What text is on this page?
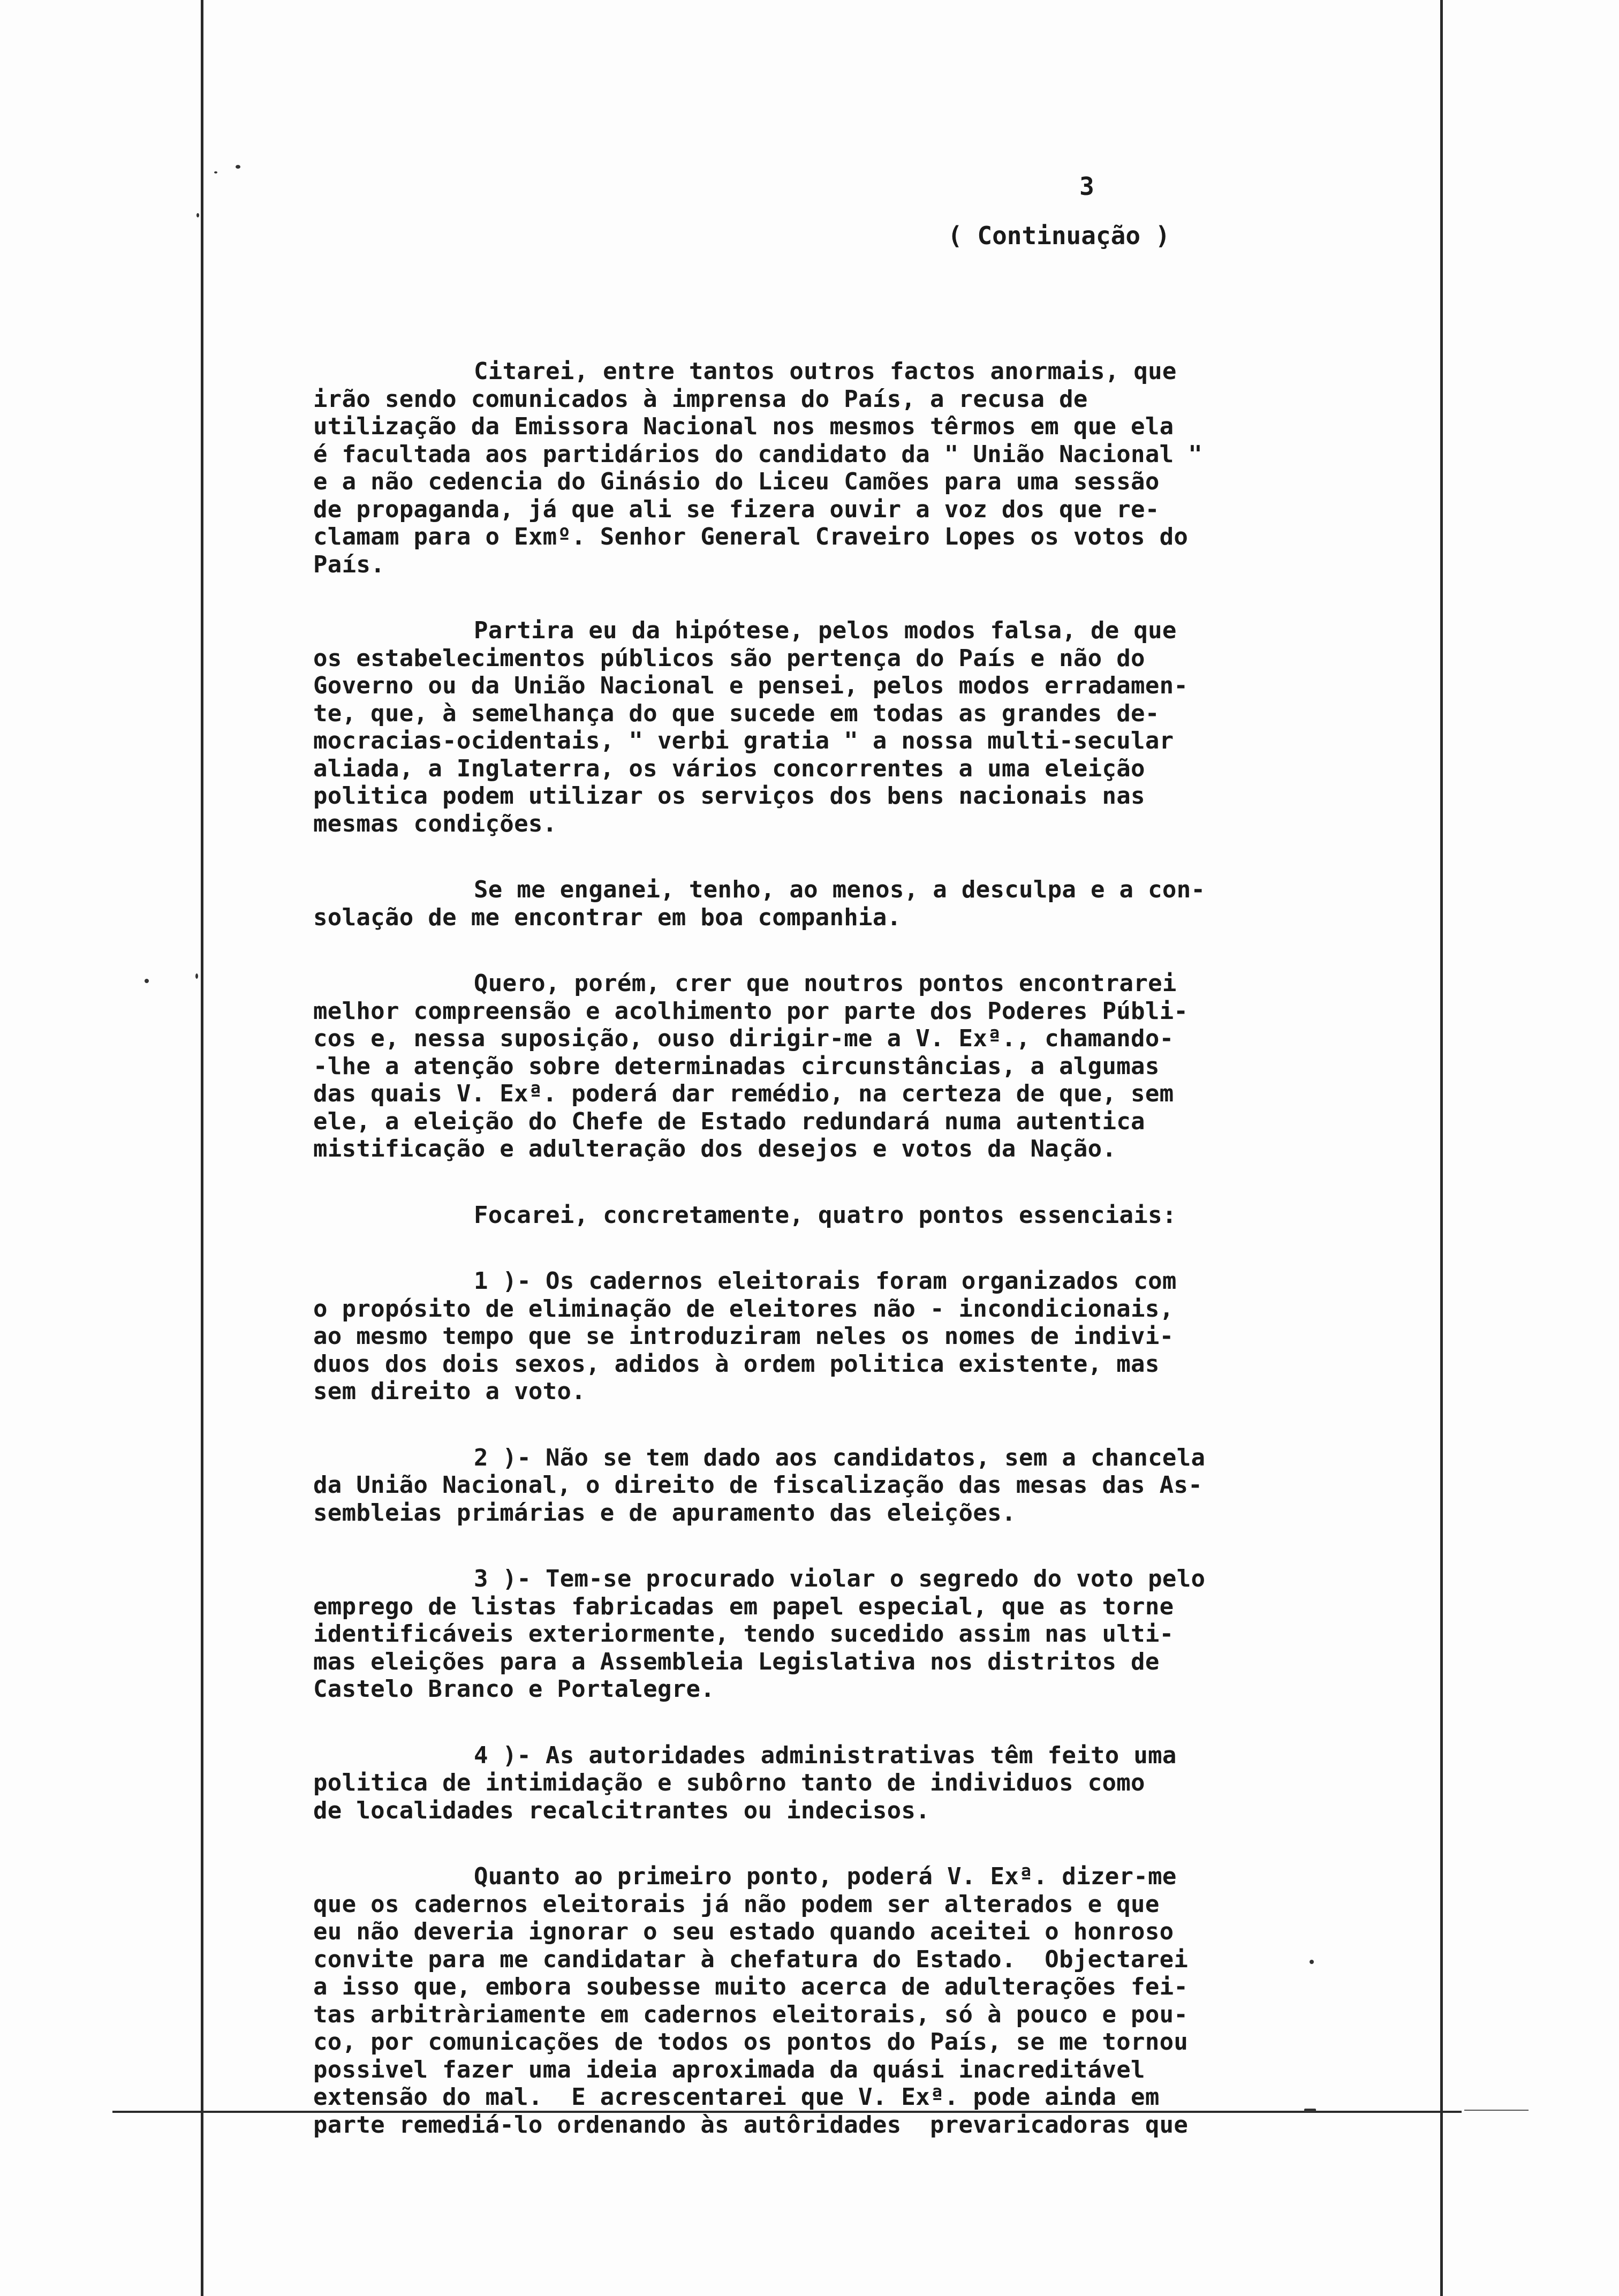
3
( Continuação )
Citarei, entre tantos outros factos anormais, que
irão sendo comunicados à imprensa do País, a recusa de
utilização da Emissora Nacional nos mesmos têrmos em que ela
é facultada aos partidários do candidato da " União Nacional "
e a não cedencia do Ginásio do Liceu Camões para uma sessão
de propaganda, já que ali se fizera ouvir a voz dos que re-
clamam para o Exmº. Senhor General Craveiro Lopes os votos do
País.
Partira eu da hipótese, pelos modos falsa, de que
os estabelecimentos públicos são pertença do País e não do
Governo ou da União Nacional e pensei, pelos modos erradamen-
te, que, à semelhança do que sucede em todas as grandes de-
mocracias-ocidentais, " verbi gratia " a nossa multi-secular
aliada, a Inglaterra, os vários concorrentes a uma eleição
politica podem utilizar os serviços dos bens nacionais nas
mesmas condições.
Se me enganei, tenho, ao menos, a desculpa e a con-
solação de me encontrar em boa companhia.
Quero, porém, crer que noutros pontos encontrarei
melhor compreensão e acolhimento por parte dos Poderes Públi-
cos e, nessa suposição, ouso dirigir-me a V. Exª., chamando-
-lhe a atenção sobre determinadas circunstâncias, a algumas
das quais V. Exª. poderá dar remédio, na certeza de que, sem
ele, a eleição do Chefe de Estado redundará numa autentica
mistificação e adulteração dos desejos e votos da Nação.
Focarei, concretamente, quatro pontos essenciais:
1 )- Os cadernos eleitorais foram organizados com
o propósito de eliminação de eleitores não - incondicionais,
ao mesmo tempo que se introduziram neles os nomes de indivi-
duos dos dois sexos, adidos à ordem politica existente, mas
sem direito a voto.
2 )- Não se tem dado aos candidatos, sem a chancela
da União Nacional, o direito de fiscalização das mesas das As-
sembleias primárias e de apuramento das eleições.
3 )- Tem-se procurado violar o segredo do voto pelo
emprego de listas fabricadas em papel especial, que as torne
identificáveis exteriormente, tendo sucedido assim nas ulti-
mas eleições para a Assembleia Legislativa nos distritos de
Castelo Branco e Portalegre.
4 )- As autoridades administrativas têm feito uma
politica de intimidação e subôrno tanto de individuos como
de localidades recalcitrantes ou indecisos.
Quanto ao primeiro ponto, poderá V. Exª. dizer-me
que os cadernos eleitorais já não podem ser alterados e que
eu não deveria ignorar o seu estado quando aceitei o honroso
convite para me candidatar à chefatura do Estado.  Objectarei
a isso que, embora soubesse muito acerca de adulterações fei-
tas arbitràriamente em cadernos eleitorais, só à pouco e pou-
co, por comunicações de todos os pontos do País, se me tornou
possivel fazer uma ideia aproximada da quási inacreditável
extensão do mal.  E acrescentarei que V. Exª. pode ainda em
parte remediá-lo ordenando às autôridades  prevaricadoras que
